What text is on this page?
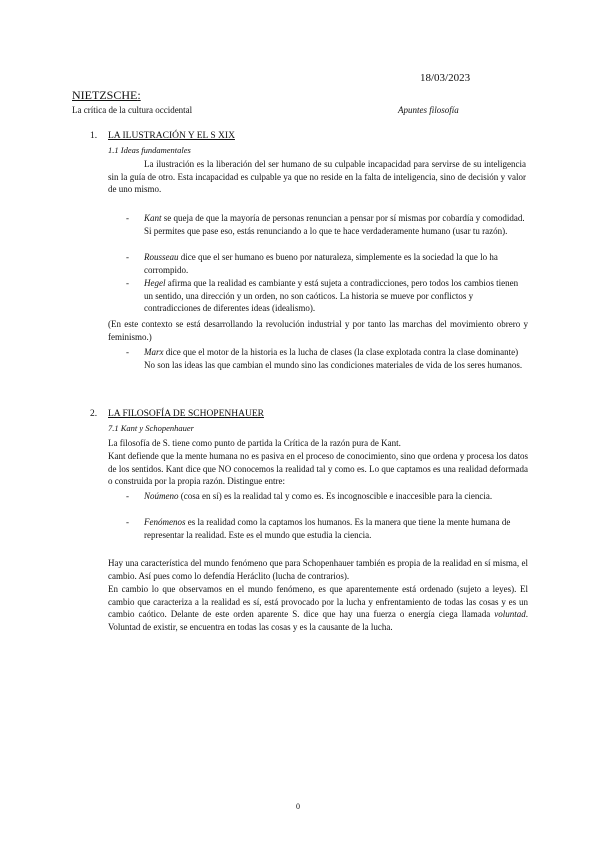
18/03/2023
NIETZSCHE:
La crítica de la cultura occidental	Apuntes filosofía
1. LA ILUSTRACIÓN Y EL S XIX
1.1 Ideas fundamentales
La ilustración es la liberación del ser humano de su culpable incapacidad para servirse de su inteligencia sin la guía de otro. Esta incapacidad es culpable ya que no reside en la falta de inteligencia, sino de decisión y valor de uno mismo.
- Kant se queja de que la mayoría de personas renuncian a pensar por sí mismas por cobardía y comodidad. Si permites que pase eso, estás renunciando a lo que te hace verdaderamente humano (usar tu razón).
- Rousseau dice que el ser humano es bueno por naturaleza, simplemente es la sociedad la que lo ha corrompido.
- Hegel afirma que la realidad es cambiante y está sujeta a contradicciones, pero todos los cambios tienen un sentido, una dirección y un orden, no son caóticos. La historia se mueve por conflictos y contradicciones de diferentes ideas (idealismo).
(En este contexto se está desarrollando la revolución industrial y por tanto las marchas del movimiento obrero y feminismo.)
- Marx dice que el motor de la historia es la lucha de clases (la clase explotada contra la clase dominante) No son las ideas las que cambian el mundo sino las condiciones materiales de vida de los seres humanos.
2. LA FILOSOFÍA DE SCHOPENHAUER
7.1 Kant y Schopenhauer
La filosofía de S. tiene como punto de partida la Crítica de la razón pura de Kant.
Kant defiende que la mente humana no es pasiva en el proceso de conocimiento, sino que ordena y procesa los datos de los sentidos. Kant dice que NO conocemos la realidad tal y como es. Lo que captamos es una realidad deformada o construida por la propia razón. Distingue entre:
- Noúmeno (cosa en sí) es la realidad tal y como es. Es incognoscible e inaccesible para la ciencia.
- Fenómenos es la realidad como la captamos los humanos. Es la manera que tiene la mente humana de representar la realidad. Este es el mundo que estudia la ciencia.
Hay una característica del mundo fenómeno que para Schopenhauer también es propia de la realidad en sí misma, el cambio. Así pues como lo defendía Heráclito (lucha de contrarios).
En cambio lo que observamos en el mundo fenómeno, es que aparentemente está ordenado (sujeto a leyes). El cambio que caracteriza a la realidad es sí, está provocado por la lucha y enfrentamiento de todas las cosas y es un cambio caótico. Delante de este orden aparente S. dice que hay una fuerza o energía ciega llamada voluntad. Voluntad de existir, se encuentra en todas las cosas y es la causante de la lucha.
0
